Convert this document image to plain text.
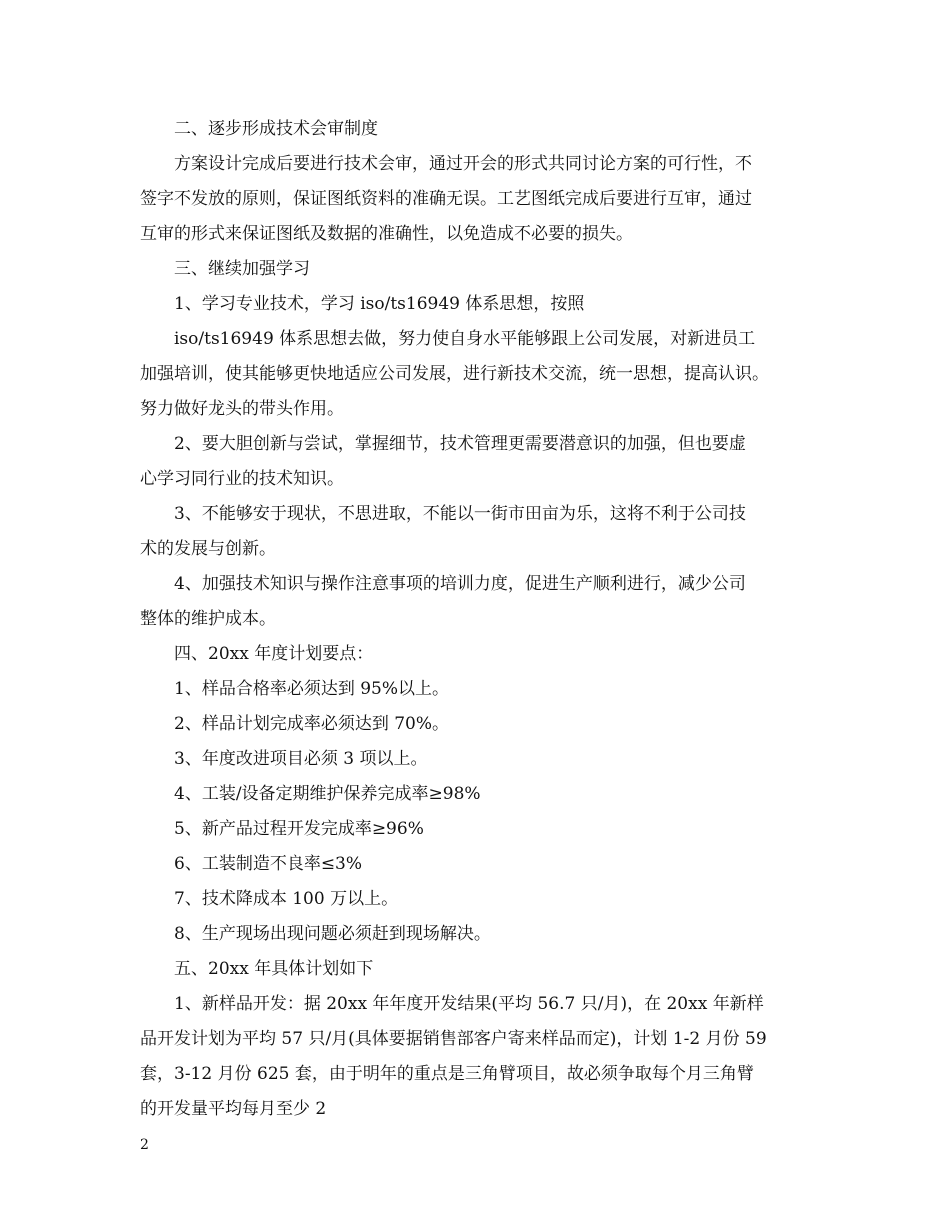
二、逐步形成技术会审制度
方案设计完成后要进行技术会审，通过开会的形式共同讨论方案的可行性，不
签字不发放的原则，保证图纸资料的准确无误。工艺图纸完成后要进行互审，通过
互审的形式来保证图纸及数据的准确性，以免造成不必要的损失。
三、继续加强学习
1、学习专业技术，学习 iso/ts16949 体系思想，按照
iso/ts16949 体系思想去做，努力使自身水平能够跟上公司发展，对新进员工
加强培训，使其能够更快地适应公司发展，进行新技术交流，统一思想，提高认识。
努力做好龙头的带头作用。
2、要大胆创新与尝试，掌握细节，技术管理更需要潜意识的加强，但也要虚
心学习同行业的技术知识。
3、不能够安于现状，不思进取，不能以一街市田亩为乐，这将不利于公司技
术的发展与创新。
4、加强技术知识与操作注意事项的培训力度，促进生产顺利进行，减少公司
整体的维护成本。
四、20xx 年度计划要点：
1、样品合格率必须达到 95%以上。
2、样品计划完成率必须达到 70%。
3、年度改进项目必须 3 项以上。
4、工装/设备定期维护保养完成率≥98%
5、新产品过程开发完成率≥96%
6、工装制造不良率≤3%
7、技术降成本 100 万以上。
8、生产现场出现问题必须赶到现场解决。
五、20xx 年具体计划如下
1、新样品开发：据 20xx 年年度开发结果(平均 56.7 只/月)，在 20xx 年新样
品开发计划为平均 57 只/月(具体要据销售部客户寄来样品而定)，计划 1-2 月份 59
套，3-12 月份 625 套，由于明年的重点是三角臂项目，故必须争取每个月三角臂
的开发量平均每月至少 2
2
